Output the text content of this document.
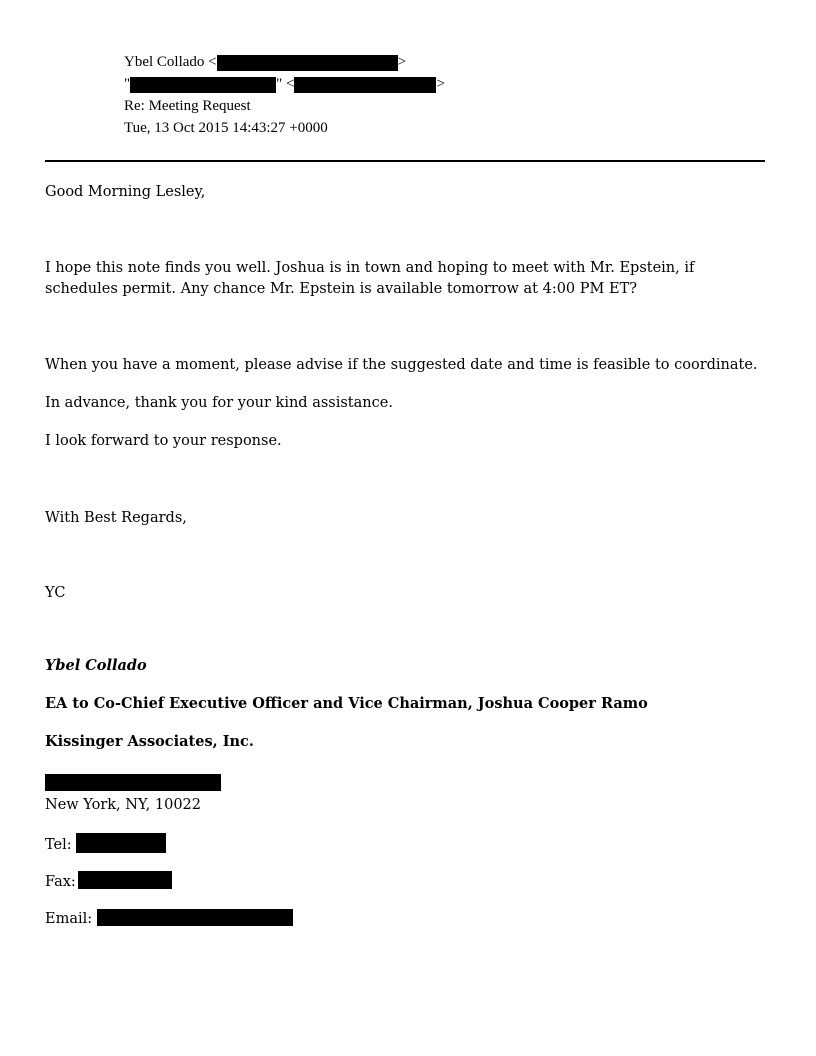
Ybel Collado <	>
"	" <	>
Re: Meeting Request
Tue, 13 Oct 2015 14:43:27 +0000

Good Morning Lesley,

I hope this note finds you well. Joshua is in town and hoping to meet with Mr. Epstein, if schedules permit. Any chance Mr. Epstein is available tomorrow at 4:00 PM ET?

When you have a moment, please advise if the suggested date and time is feasible to coordinate.

In advance, thank you for your kind assistance.

I look forward to your response.

With Best Regards,

YC

Ybel Collado

EA to Co-Chief Executive Officer and Vice Chairman, Joshua Cooper Ramo

Kissinger Associates, Inc.

New York, NY, 10022

Tel:

Fax:

Email:
